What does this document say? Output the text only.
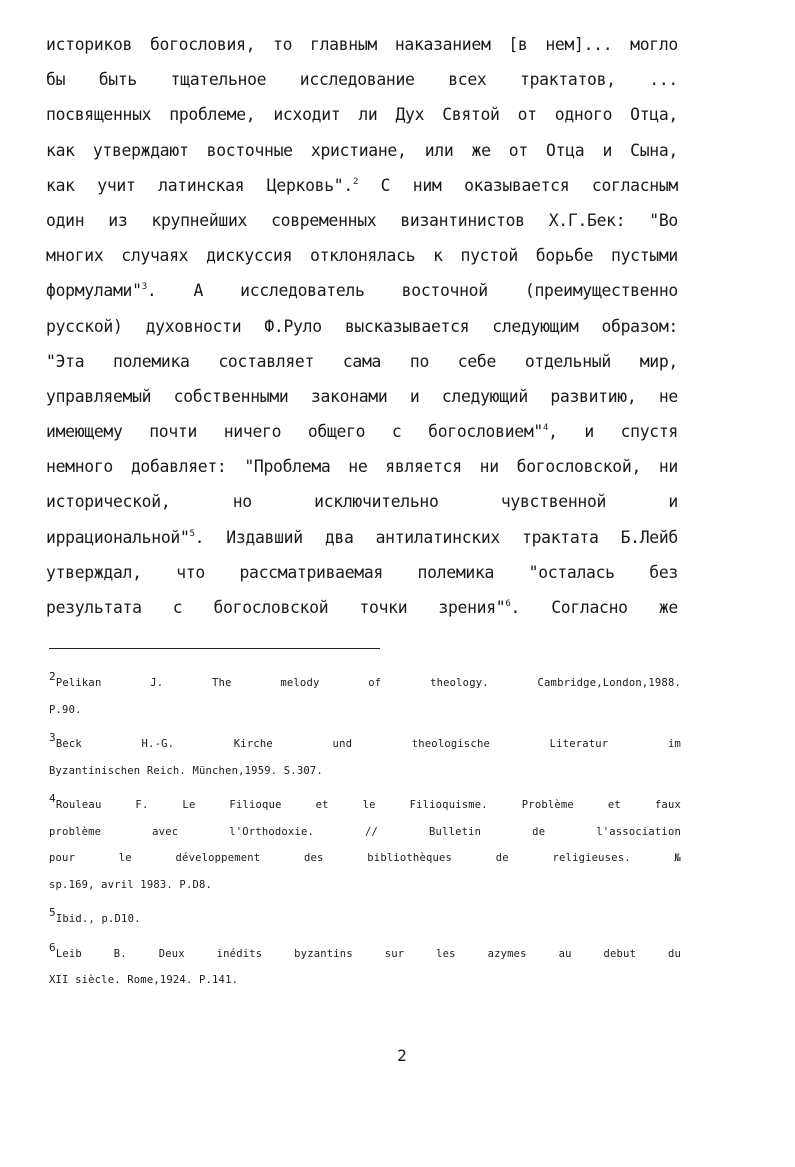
историков богословия, то главным наказанием [в нем]... могло
бы быть тщательное исследование всех трактатов, ...
посвященных проблеме, исходит ли Дух Святой от одного Отца,
как утверждают восточные христиане, или же от Отца и Сына,
как учит латинская Церковь".$^2$ С ним оказывается согласным
один из крупнейших современных византинистов Х.Г.Бек: "Во
многих случаях дискуссия отклонялась к пустой борьбе пустыми
формулами"$^3$. А исследователь восточной (преимущественно
русской) духовности Ф.Руло высказывается следующим образом:
"Эта полемика составляет сама по себе отдельный мир,
управляемый собственными законами и следующий развитию, не
имеющему почти ничего общего с богословием"$^4$, и спустя
немного добавляет: "Проблема не является ни богословской, ни
исторической, но исключительно чувственной и
иррациональной"$^5$. Издавший два антилатинских трактата Б.Лейб
утверждал, что рассматриваемая полемика "осталась без
результата с богословской точки зрения"$^6$. Согласно же
2Pelikan J. The melody of theology. Cambridge,London,1988.
P.90.
3Beck H.-G. Kirche und theologische Literatur im
Byzantinischen Reich. München,1959. S.307.
4Rouleau F. Le Filioque et le Filioquisme. Problème et faux
problème avec l'Orthodoxie. // Bulletin de l'association
pour le développement des bibliothèques de religieuses. №
sp.169, avril 1983. P.D8.
5Ibid., p.D10.
6Leib B. Deux inédits byzantins sur les azymes au debut du
XII siècle. Rome,1924. P.141.
2
